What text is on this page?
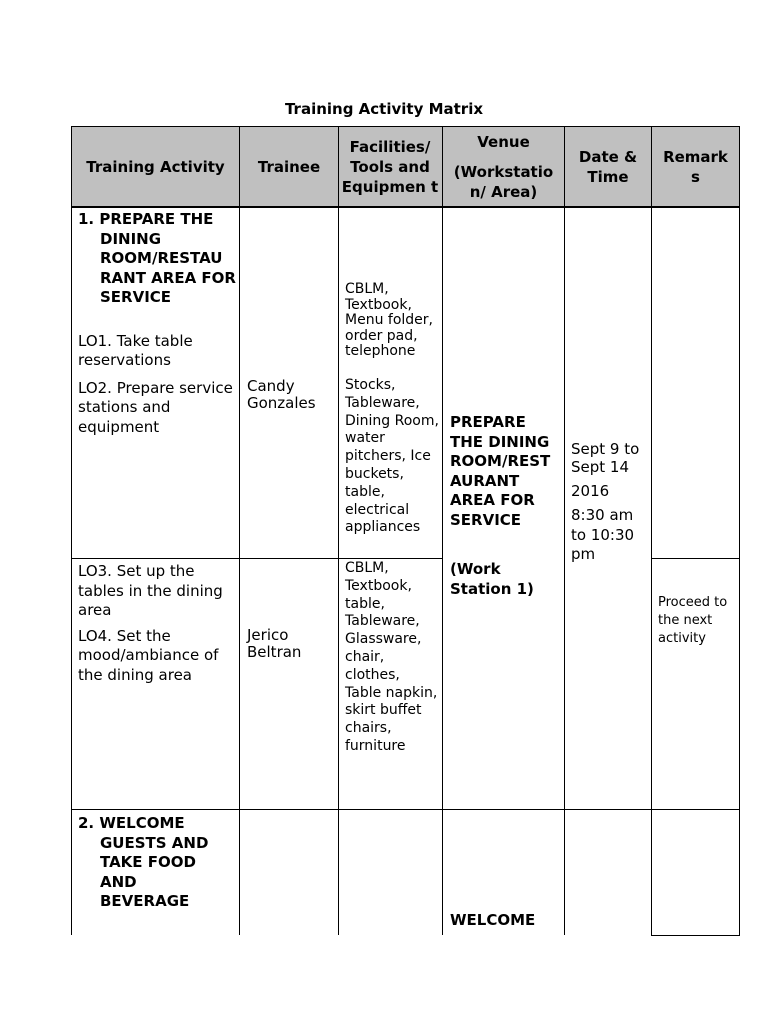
Training Activity Matrix
Training Activity	Trainee
Facilities/ Tools and Equipmen t
Venue
(Workstatio n/ Area)
Date & Time
Remark s
1. PREPARE THE DINING ROOM/RESTAU RANT AREA FOR SERVICE
LO1. Take table reservations
LO2. Prepare service stations and equipment
Candy Gonzales
CBLM, Textbook, Menu folder, order pad, telephone
Stocks, Tableware, Dining Room, water pitchers, Ice buckets, table, electrical appliances
PREPARE THE DINING ROOM/REST AURANT AREA FOR SERVICE
(Work Station 1)
Sept 9 to Sept 14
2016
8:30 am to 10:30 pm
LO3. Set up the tables in the dining area
LO4. Set the mood/ambiance of the dining area
Jerico Beltran
CBLM, Textbook, table, Tableware, Glassware, chair, clothes, Table napkin, skirt buffet chairs, furniture
Proceed to the next activity
2. WELCOME GUESTS AND TAKE FOOD AND BEVERAGE
WELCOME
